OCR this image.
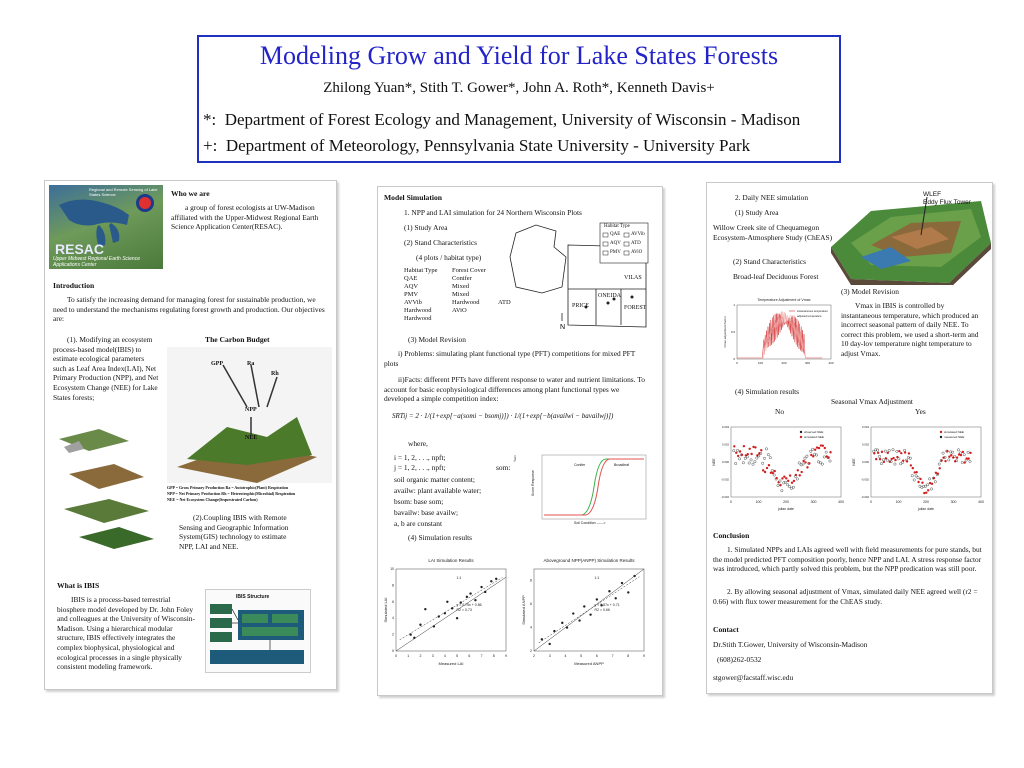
Modeling Grow and Yield for Lake States Forests
Zhilong Yuan*, Stith T. Gower*, John A. Roth*, Kenneth Davis+
*: Department of Forest Ecology and Management, University of Wisconsin - Madison
+: Department of Meteorology, Pennsylvania State University - University Park
Regional and Remote Sensing of Lake States Science
RESAC
Upper Midwest Regional Earth Science Applications Center
Who we are
a group of forest ecologists at UW-Madison affiliated with the Upper-Midwest Regional Earth Science Application Center(RESAC).
Introduction
To satisfy the increasing demand for managing forest for sustainable production, we need to understand the mechanisms regulating forest growth and production. Our objectives are:
(1). Modifying an ecosystem process-based model(IBIS) to estimate ecological parameters such as Leaf Area Index(LAI), Net Primary Production (NPP), and Net Ecosystem Change (NEE) for Lake States forests;
The Carbon Budget
GPP	Ra
Rh
NPP
NEE
GPP = Gross Primary Production Ra = Autotrophic(Plant) Respiration
NPP = Net Primary Production Rh = Heterotrophic(Microbial) Respiration
NEE = Net Ecosystem Change(Sequestrated Carbon)
(2).Coupling IBIS with Remote Sensing and Geographic Information System(GIS) technology to estimate NPP, LAI and NEE.
What is IBIS
IBIS is a process-based terrestrial biosphere model developed by Dr. John Foley and colleagues at the University of Wisconsin-Madison. Using a hierarchical modular structure, IBIS effectively integrates the complex biophysical, physiological and ecological processes in a single physically consistent modeling framework.
IBIS Structure
Model Simulation
1. NPP and LAI simulation for 24 Northern Wisconsin Plots
(1) Study Area
(2) Stand Characteristics
(4 plots / habitat type)
Habitat Type Forest Cover
QAE	Conifer
AQV	Mixed
PMV	Mixed
AVVib	Hardwood
Hardwood	AViO
Hardwood
ATD
N
Habitat Type
QAE AVVib
AQV ATD
PMV AViO
VILAS
ONEIDA
PRICE	FOREST
(3) Model Revision
i) Problems: simulating plant functional type (PFT) competitions for mixed PFT plots
ii)Facts: different PFTs have different response to water and nutrient limitations. To account for basic ecophysiological differences among plant functional types we developed a simple competition index:
SRTij = 2 · 1/(1+exp[−a(somi − bsomj)]) · 1/(1+exp[−b(availwi − bavailwj)])
where,
i = 1, 2, . . ., npft;	j
j = 1, 2, . . ., npft;	som:
soil organic matter content;
availw: plant available water;
bsom: base som;
bavailw: base availw;
a, b are constant
(4) Simulation results
Score Response
Soil Condition ------>
Conifer	Broadleaf
LAI Simulation Results
0	1	2	3	4	5	6	7	8	9
0
2
4
6
8
10
Measured LAI
Simulated LAI	y = 0.75x + 0.86
R2 = 0.73
1:1
Aboveground NPP(ANPP) Simulation Results
2	3	4	5	6	7	8	9
2
4
6
8
Measured ANPP
Simulated ANPP	y = 0.87x + 0.71
R2 = 0.66
1:1
2. Daily NEE simulation
(1) Study Area
Willow Creek site of Chequamegon Ecosystem-Atmosphere Study (ChEAS)
(2) Stand Characteristics
Broad-leaf Deciduous Forest
WLEF
Eddy Flux Tower
Temperature Adjustment of Vmax
Vmax adjustment factor
0	100	200	300	400
0
0.5
1
instantaneous temperature
adjusted temperature
(3) Model Revision
Vmax in IBIS is controlled by instantaneous temperature, which produced an incorrect seasonal pattern of daily NEE. To correct this problem, we used a short-term and 10 day-lov temperature night temperature to adjust Vmax.
(4) Simulation results
Seasonal Vmax Adjustment
No	Yes
0	100	200	300	400
-0.004
-0.002
0.000
0.002
0.004
julian date
NEE
observed NEE
simulated NEE
0	100	200	300	400
-0.004
-0.002
0.000
0.002
0.004
julian date
NEE
simulated NEE
measured NEE
Conclusion
1. Simulated NPPs and LAIs agreed well with field measurements for pure stands, but the model predicted PFT composition poorly, hence NPP and LAI. A stress response factor was introduced, which partly solved this problem, but the NPP predication was still poor.
2. By allowing seasonal adjustment of Vmax, simulated daily NEE agreed well (r2 = 0.66) with flux tower measurement for the ChEAS study.
Contact
Dr.Stith T.Gower, University of Wisconsin-Madison
(608)262-0532
stgower@facstaff.wisc.edu
